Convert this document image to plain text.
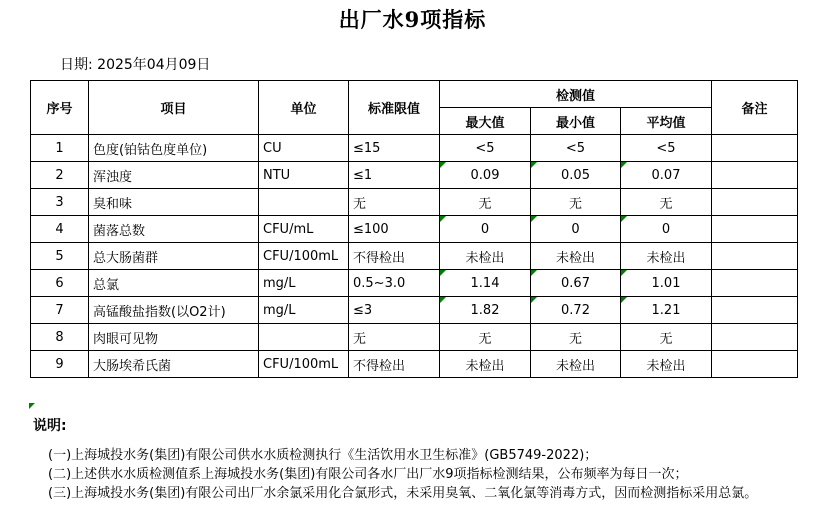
出厂水9项指标
日期: 2025年04月09日
序号	项目	单位	标准限值	检测值			备注
				最大值	最小值	平均值	
1	色度(铂钴色度单位)	CU	≤15	<5	<5	<5	
2	浑浊度	NTU	≤1	0.09	0.05	0.07	
3	臭和味		无	无	无	无	
4	菌落总数	CFU/mL	≤100	0	0	0	
5	总大肠菌群	CFU/100mL	不得检出	未检出	未检出	未检出	
6	总氯	mg/L	0.5~3.0	1.14	0.67	1.01	
7	高锰酸盐指数(以O2计)	mg/L	≤3	1.82	0.72	1.21	
8	肉眼可见物		无	无	无	无	
9	大肠埃希氏菌	CFU/100mL	不得检出	未检出	未检出	未检出	
说明:
(一)上海城投水务(集团)有限公司供水水质检测执行《生活饮用水卫生标准》(GB5749-2022)；
(二)上述供水水质检测值系上海城投水务(集团)有限公司各水厂出厂水9项指标检测结果，公布频率为每日一次；
(三)上海城投水务(集团)有限公司出厂水余氯采用化合氯形式，未采用臭氧、二氧化氯等消毒方式，因而检测指标采用总氯。
